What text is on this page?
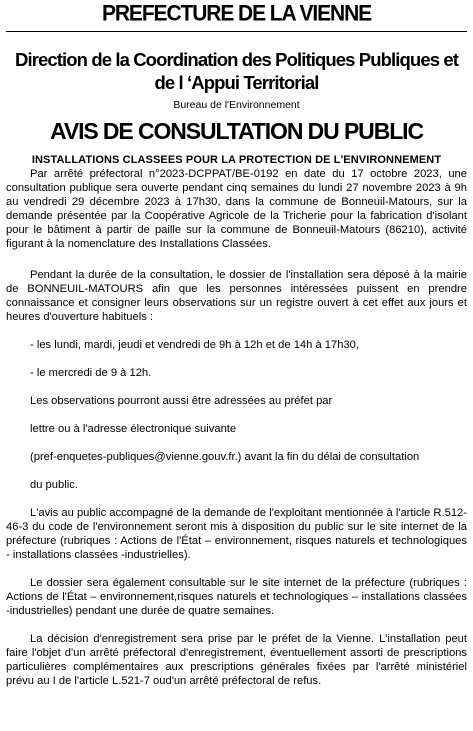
PREFECTURE DE LA VIENNE
Direction de la Coordination des Politiques Publiques et de l ‘Appui Territorial
Bureau de l'Environnement
AVIS DE CONSULTATION DU PUBLIC
INSTALLATIONS CLASSEES POUR LA PROTECTION DE L'ENVIRONNEMENT

Par arrêté préfectoral n°2023-DCPPAT/BE-0192 en date du 17 octobre 2023, une consultation publique sera ouverte pendant cinq semaines du lundi 27 novembre 2023 à 9h au vendredi 29 décembre 2023 à 17h30, dans la commune de Bonneuil-Matours, sur la demande présentée par la Coopérative Agricole de la Tricherie pour la fabrication d'isolant pour le bâtiment à partir de paille sur la commune de Bonneuil-Matours (86210), activité figurant à la nomenclature des Installations Classées.

Pendant la durée de la consultation, le dossier de l'installation sera déposé à la mairie de BONNEUIL-MATOURS afin que les personnes intéressées puissent en prendre connaissance et consigner leurs observations sur un registre ouvert à cet effet aux jours et heures d'ouverture habituels :

- les lundi, mardi, jeudi et vendredi de 9h à 12h et de 14h à 17h30,

- le mercredi de 9 à 12h.

Les observations pourront aussi être adressées au préfet par

lettre ou à l'adresse électronique suivante

(pref-enquetes-publiques@vienne.gouv.fr.) avant la fin du délai de consultation

du public.

L'avis au public accompagné de la demande de l'exploitant mentionnée à l'article R.512-46-3 du code de l'environnement seront mis à disposition du public sur le site internet de la préfecture (rubriques : Actions de l'État – environnement, risques naturels et technologiques - installations classées -industrielles).

Le dossier sera également consultable sur le site internet de la préfecture (rubriques : Actions de l'État – environnement,risques naturels et technologiques – installations classées -industrielles) pendant une durée de quatre semaines.

La décision d'enregistrement sera prise par le préfet de la Vienne. L'installation peut faire l'objet d'un arrêté préfectoral d'enregistrement, éventuellement assorti de prescriptions particulières complémentaires aux prescriptions générales fixées par l'arrêté ministériel prévu au I de l'article L.521-7 oud'un arrêté préfectoral de refus.
